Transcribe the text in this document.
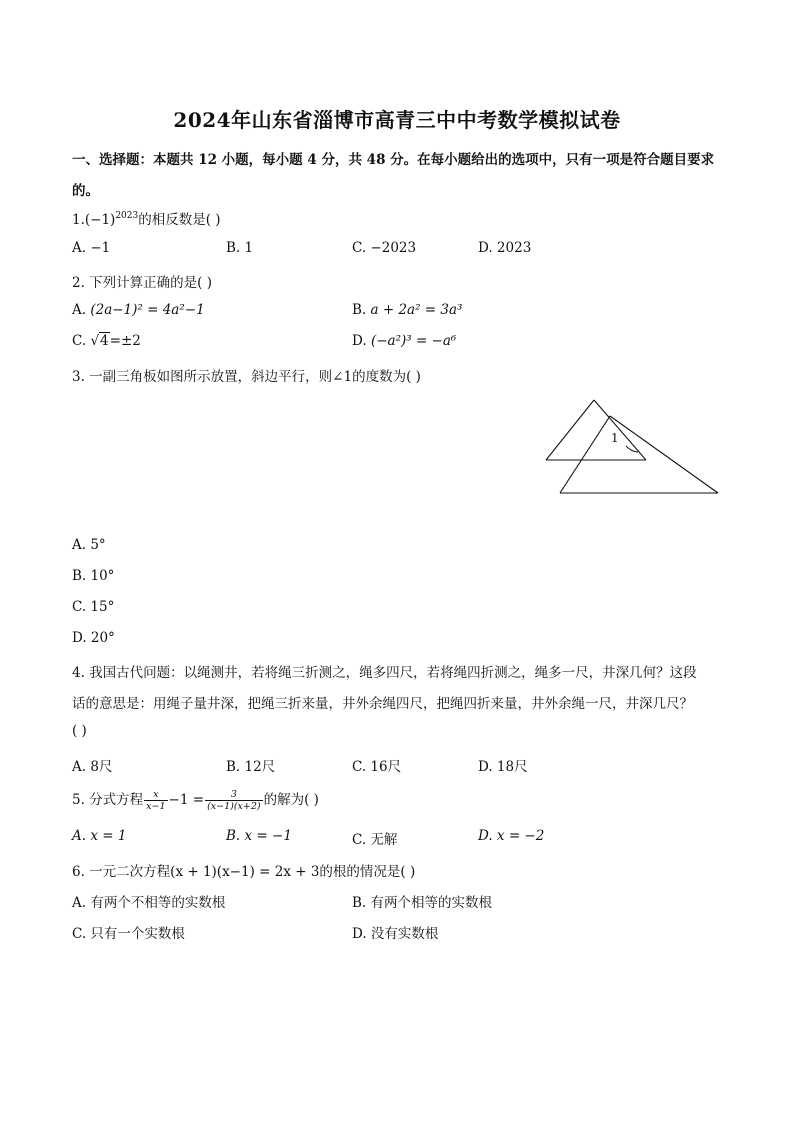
2024年山东省淄博市高青三中中考数学模拟试卷
一、选择题：本题共 12 小题，每小题 4 分，共 48 分。在每小题给出的选项中，只有一项是符合题目要求
的。
$1.(-1)^{2023}$的相反数是( )
A. −1	B. 1	C. −2023	D. 2023
2. 下列计算正确的是( )
A. (2a−1)² = 4a²−1	B. a + 2a² = 3a³
C. √4=±2	D. (−a²)³ = −a⁶
3. 一副三角板如图所示放置，斜边平行，则∠1的度数为( )
1
A. 5°
B. 10°
C. 15°
D. 20°
4. 我国古代问题：以绳测井，若将绳三折测之，绳多四尺，若将绳四折测之，绳多一尺，井深几何？这段
话的意思是：用绳子量井深，把绳三折来量，井外余绳四尺，把绳四折来量，井外余绳一尺，井深几尺？
( )
A. 8尺	B. 12尺	C. 16尺	D. 18尺
5. 分式方程 $\frac{x}{x-1} -1 = \frac{3}{(x-1)(x+2)}$ 的解为( )
A. x = 1	B. x = −1	C. 无解	D. x = −2
6. 一元二次方程(x + 1)(x−1) = 2x + 3的根的情况是( )
A. 有两个不相等的实数根	B. 有两个相等的实数根
C. 只有一个实数根	D. 没有实数根
